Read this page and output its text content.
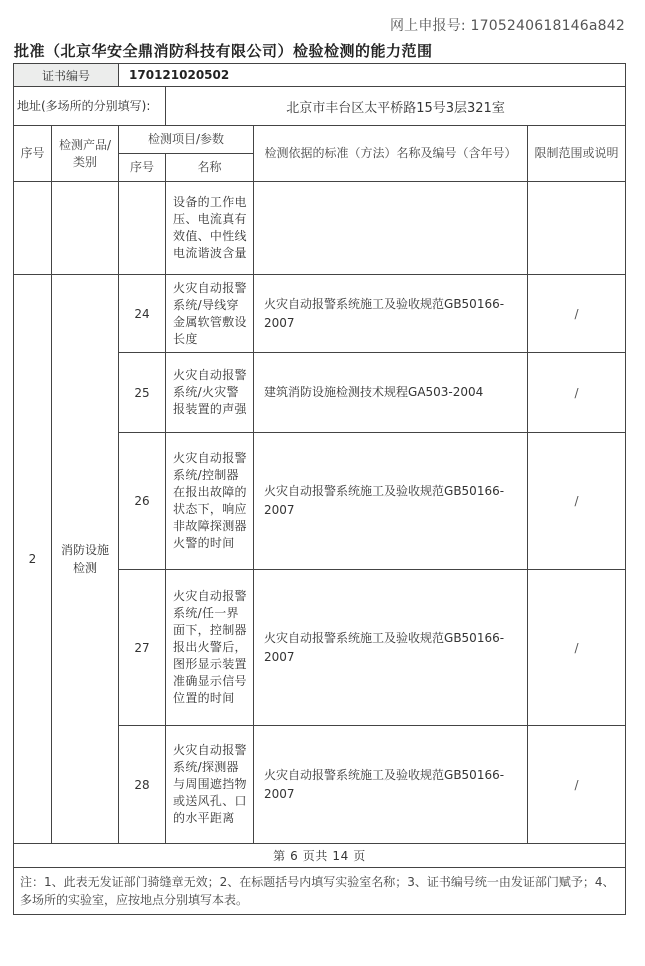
网上申报号: 1705240618146a842
批准（北京华安全鼎消防科技有限公司）检验检测的能力范围
证书编号		170121020502			
地址(多场所的分别填写):			北京市丰台区太平桥路15号3层321室		
序号	检测产品/类别	检测项目/参数		检测依据的标准（方法）名称及编号（含年号）	限制范围或说明
		序号	名称		
			设备的工作电压、电流真有效值、中性线电流谐波含量		
2	消防设施检测	24	火灾自动报警系统/导线穿金属软管敷设长度	火灾自动报警系统施工及验收规范GB50166-2007	/
		25	火灾自动报警系统/火灾警报装置的声强	建筑消防设施检测技术规程GA503-2004	/
		26	火灾自动报警系统/控制器在报出故障的状态下，响应非故障探测器火警的时间	火灾自动报警系统施工及验收规范GB50166-2007	/
		27	火灾自动报警系统/任一界面下，控制器报出火警后，图形显示装置准确显示信号位置的时间	火灾自动报警系统施工及验收规范GB50166-2007	/
		28	火灾自动报警系统/探测器与周围遮挡物或送风孔、口的水平距离	火灾自动报警系统施工及验收规范GB50166-2007	/
第 6 页共 14 页					
注：1、此表无发证部门骑缝章无效；2、在标题括号内填写实验室名称；3、证书编号统一由发证部门赋予；4、多场所的实验室，应按地点分别填写本表。					
